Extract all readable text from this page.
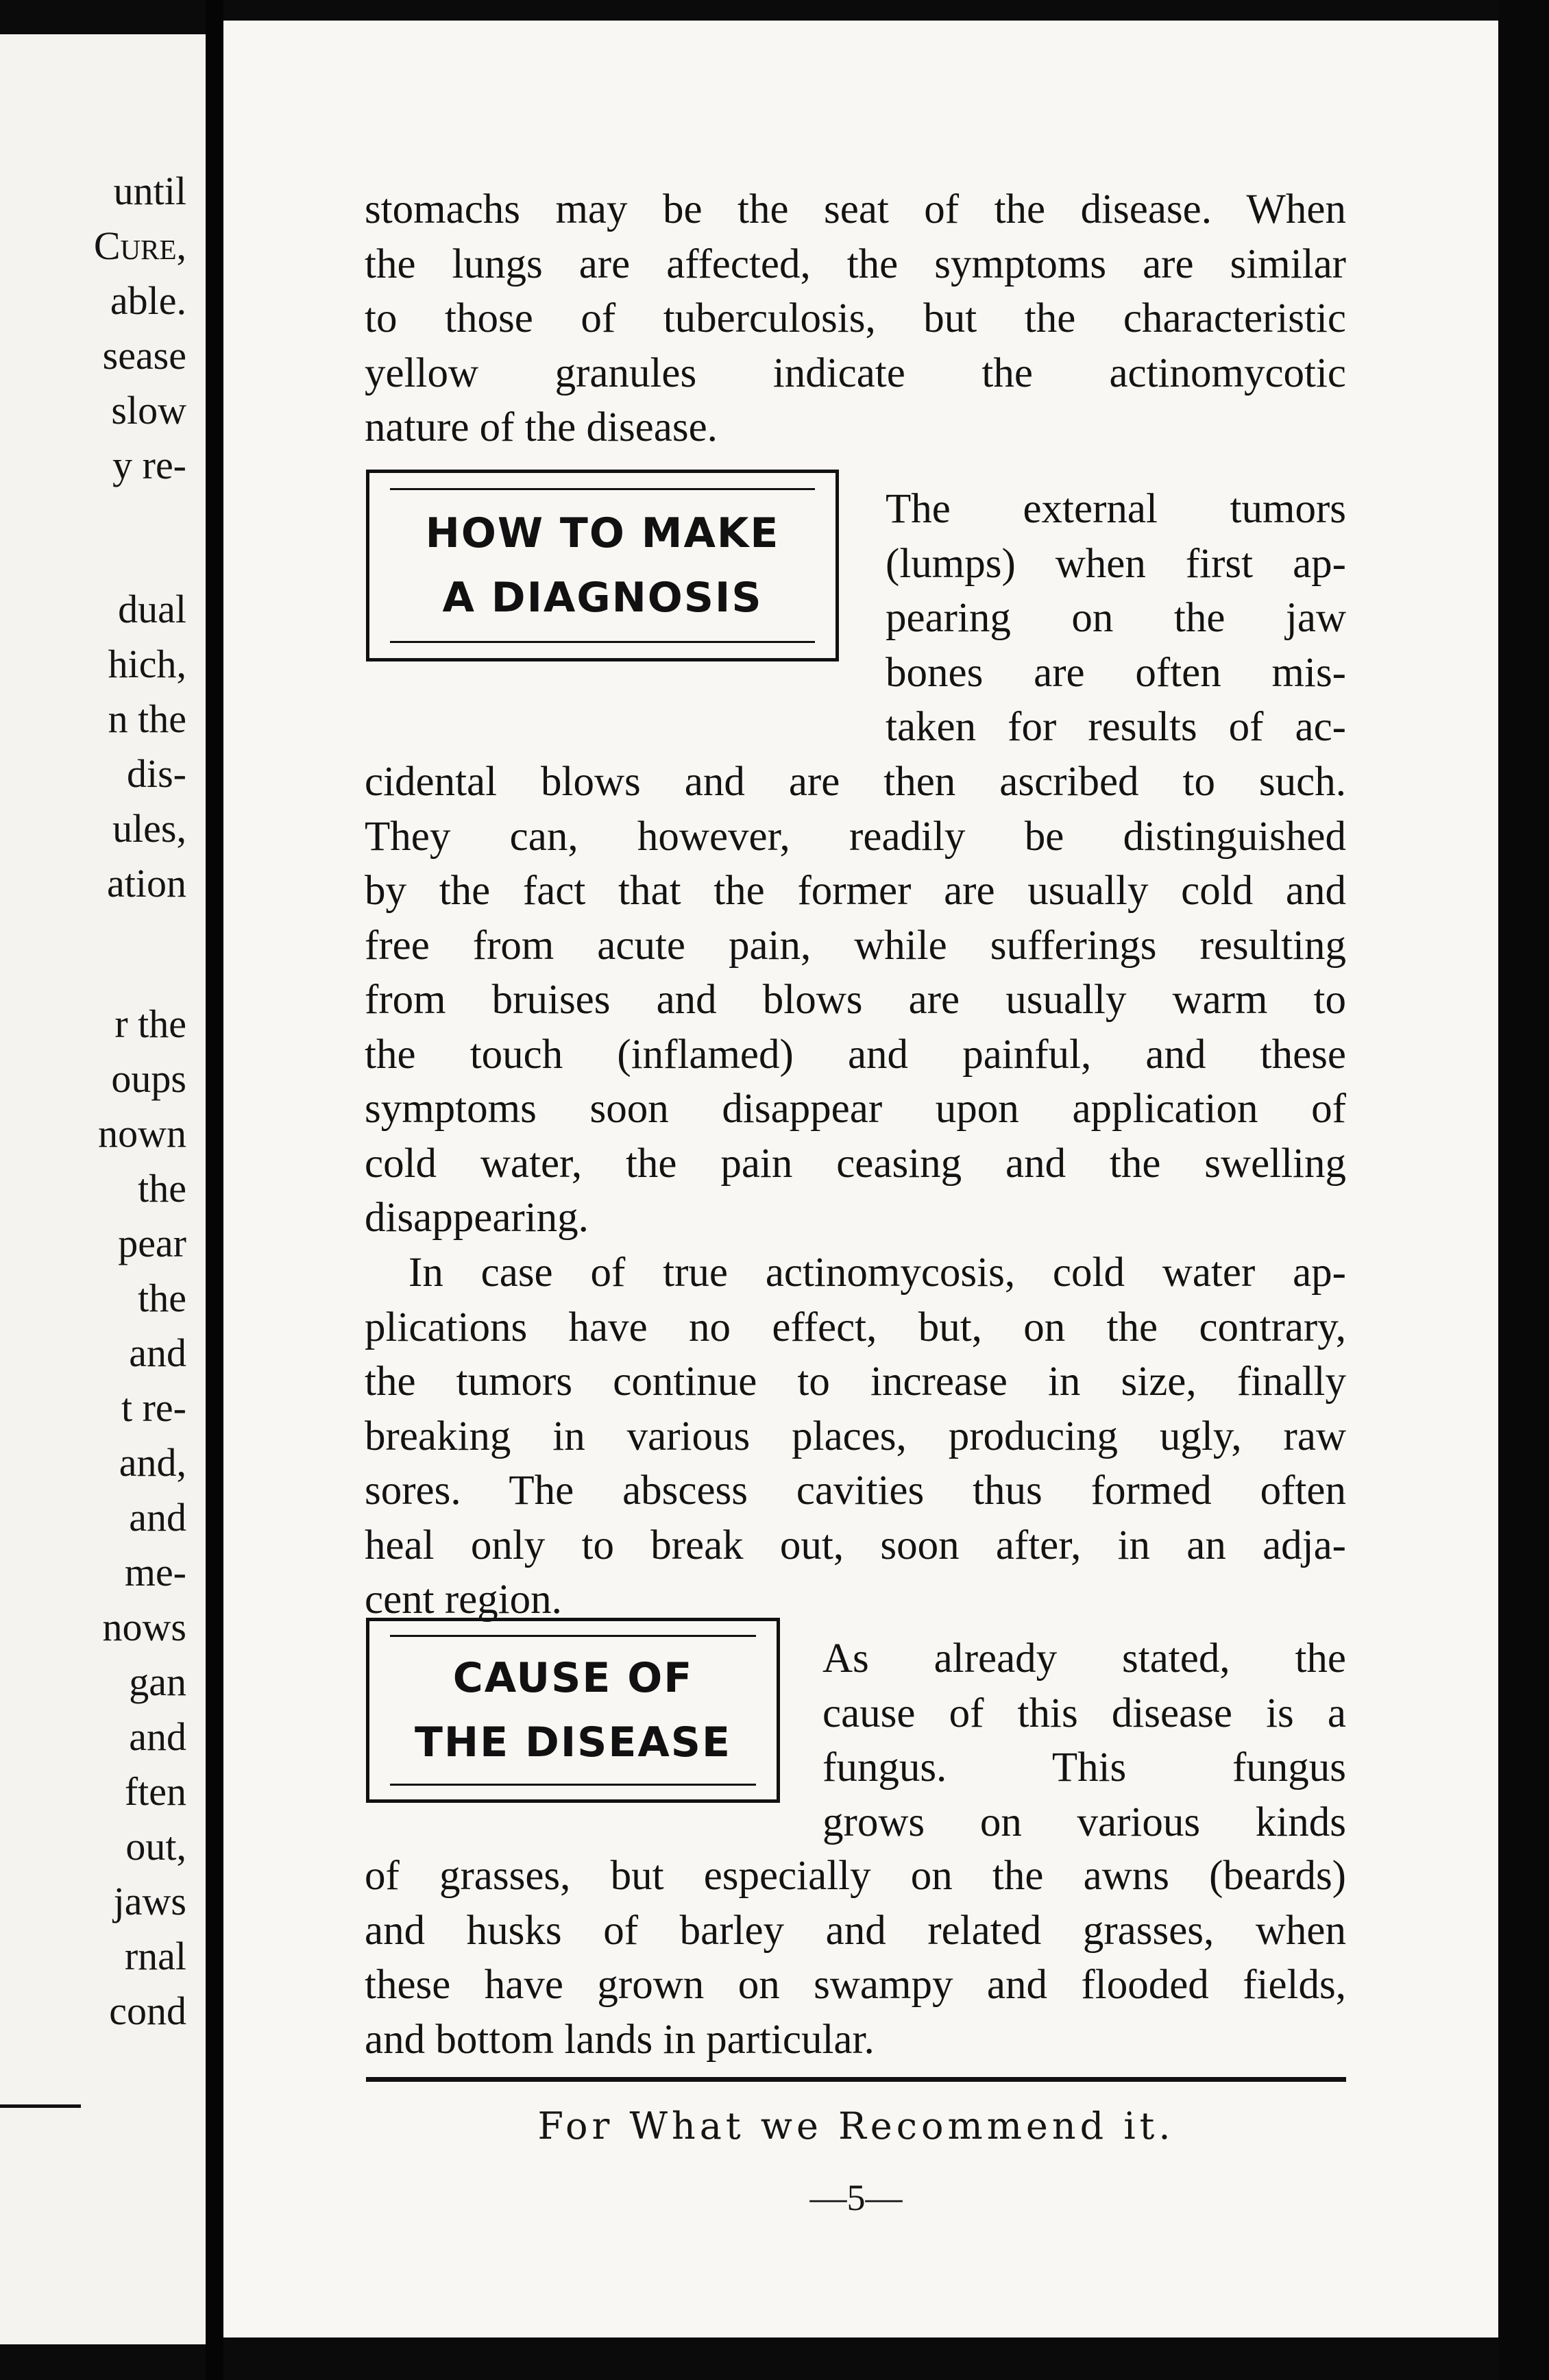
until
Cure,
able.
sease
slow
y re-
dual
hich,
n the
dis-
ules,
ation
r the
oups
nown
the
pear
the
and
t re-
and,
and
me-
nows
gan
and
ften
out,
jaws
rnal
cond

stomachs may be the seat of the disease. When

the lungs are affected, the symptoms are similar

to those of tuberculosis, but the characteristic

yellow granules indicate the actinomycotic

nature of the disease.

HOW TO MAKE
A DIAGNOSIS

The external tumors

(lumps) when first ap-

pearing on the jaw

bones are often mis-

taken for results of ac-

cidental blows and are then ascribed to such.

They can, however, readily be distinguished

by the fact that the former are usually cold and

free from acute pain, while sufferings resulting

from bruises and blows are usually warm to

the touch (inflamed) and painful, and these

symptoms soon disappear upon application of

cold water, the pain ceasing and the swelling

disappearing.

In case of true actinomycosis, cold water ap-

plications have no effect, but, on the contrary,

the tumors continue to increase in size, finally

breaking in various places, producing ugly, raw

sores. The abscess cavities thus formed often

heal only to break out, soon after, in an adja-

cent region.

CAUSE OF
THE DISEASE

As already stated, the

cause of this disease is a

fungus. This fungus

grows on various kinds

of grasses, but especially on the awns (beards)

and husks of barley and related grasses, when

these have grown on swampy and flooded fields,

and bottom lands in particular.

For What we Recommend it.
—5—
